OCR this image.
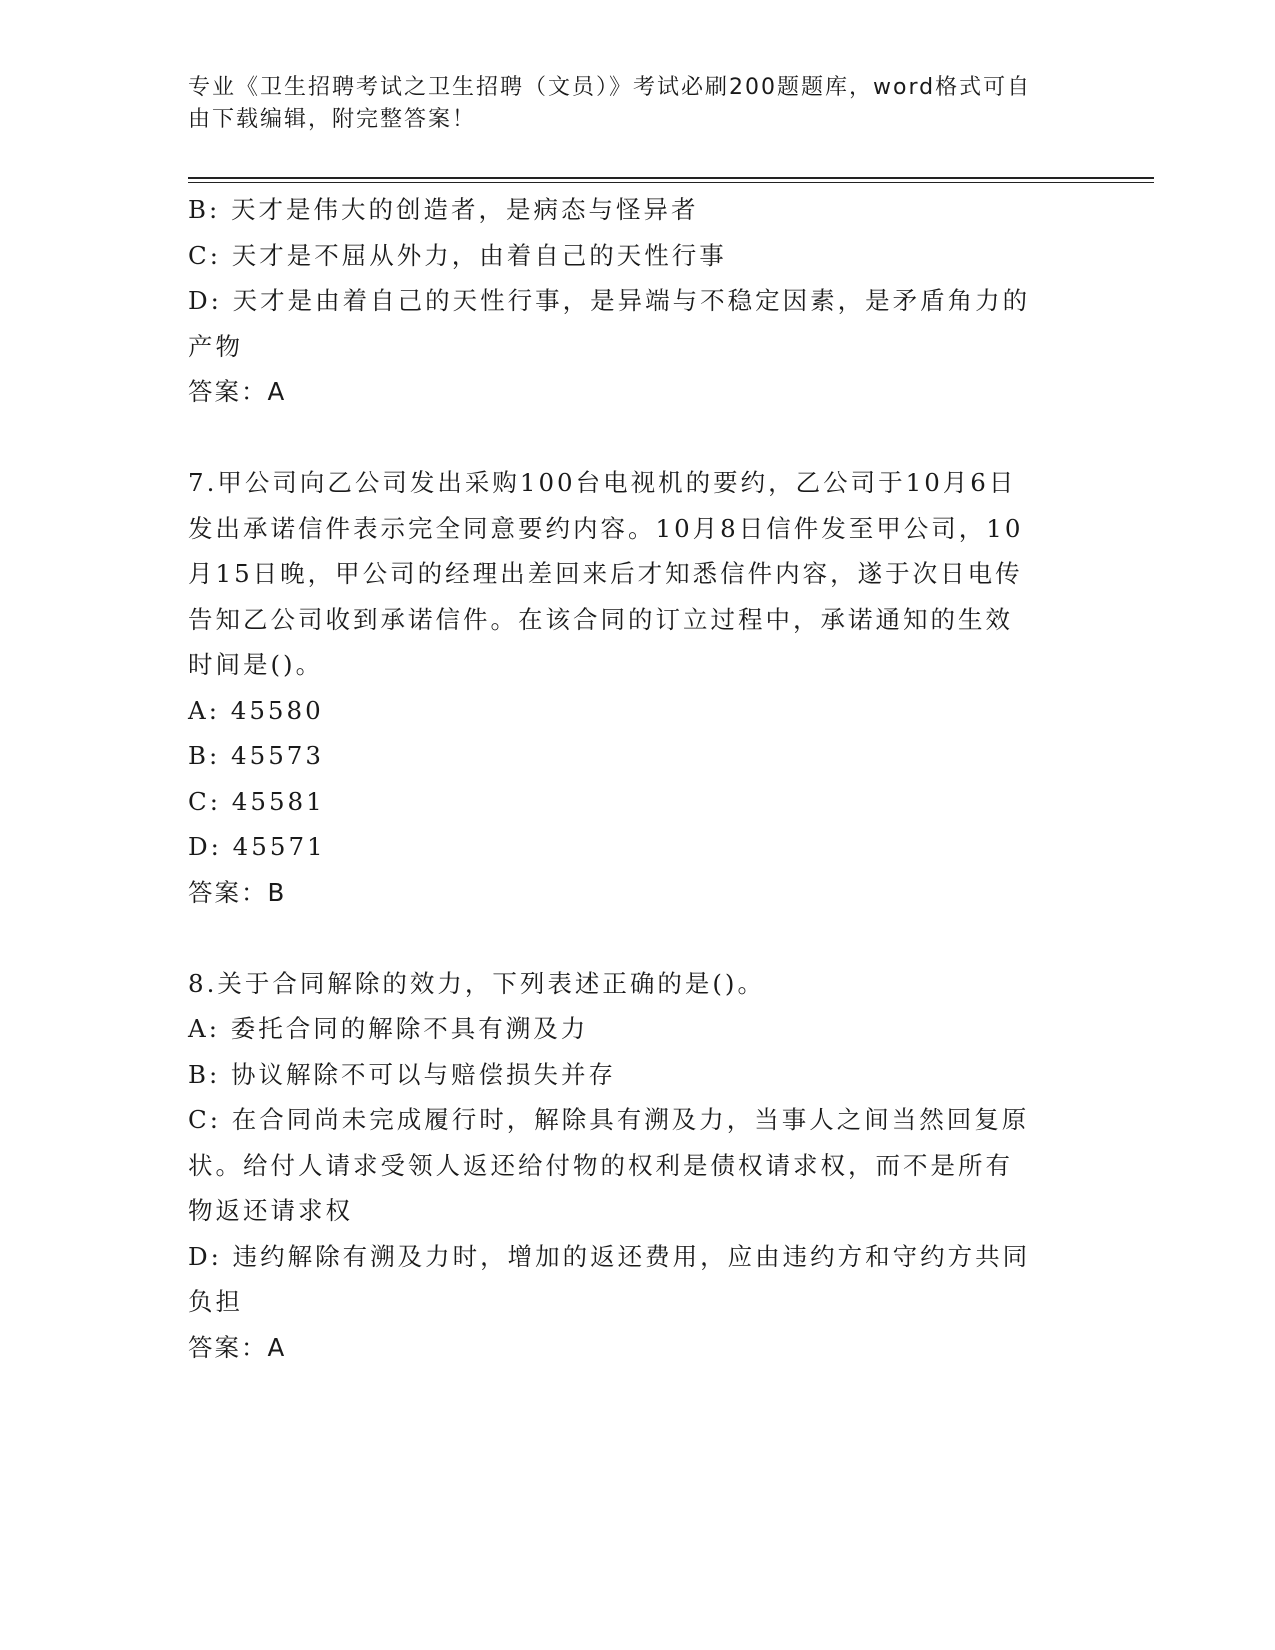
专业《卫生招聘考试之卫生招聘（文员）》考试必刷200题题库，word格式可自
由下载编辑，附完整答案！
B: 天才是伟大的创造者，是病态与怪异者
C: 天才是不屈从外力，由着自己的天性行事
D: 天才是由着自己的天性行事，是异端与不稳定因素，是矛盾角力的
产物
答案：A
7.甲公司向乙公司发出采购100台电视机的要约，乙公司于10月6日
发出承诺信件表示完全同意要约内容。10月8日信件发至甲公司，10
月15日晚，甲公司的经理出差回来后才知悉信件内容，遂于次日电传
告知乙公司收到承诺信件。在该合同的订立过程中，承诺通知的生效
时间是()。
A: 45580
B: 45573
C: 45581
D: 45571
答案：B
8.关于合同解除的效力，下列表述正确的是()。
A: 委托合同的解除不具有溯及力
B: 协议解除不可以与赔偿损失并存
C: 在合同尚未完成履行时，解除具有溯及力，当事人之间当然回复原
状。给付人请求受领人返还给付物的权利是债权请求权，而不是所有
物返还请求权
D: 违约解除有溯及力时，增加的返还费用，应由违约方和守约方共同
负担
答案：A
